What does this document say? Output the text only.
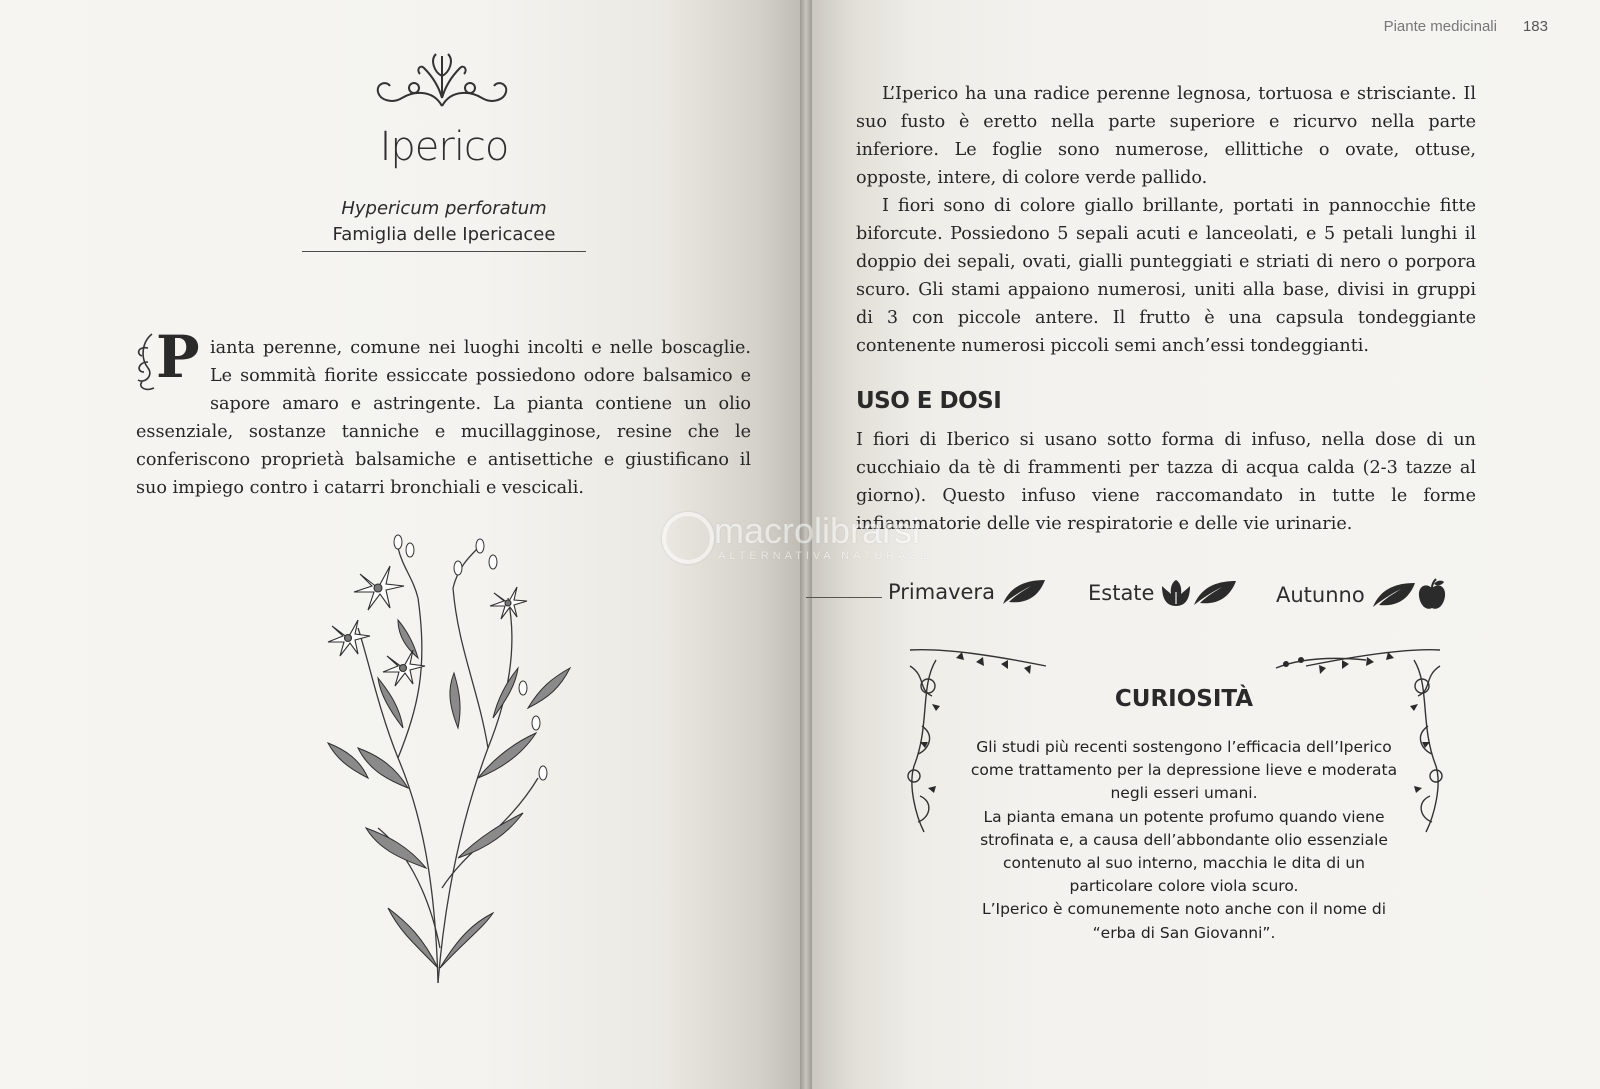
Iperico
Hypericum perforatum
Famiglia delle Ipericacee
P ianta perenne, comune nei luoghi incolti e nelle boscaglie. Le sommità fiorite essiccate possiedono odore balsamico e sapore amaro e astringente. La pianta contiene un olio essenziale, sostanze tanniche e mucillagginose, resine che le conferiscono proprietà balsamiche e antisettiche e giustificano il suo impiego contro i catarri bronchiali e vescicali.
Piante medicinali 183

L’Iperico ha una radice perenne legnosa, tortuosa e strisciante. Il suo fusto è eretto nella parte superiore e ricurvo nella parte inferiore. Le foglie sono numerose, ellittiche o ovate, ottuse, opposte, intere, di colore verde pallido.

I fiori sono di colore giallo brillante, portati in pannocchie fitte biforcute. Possiedono 5 sepali acuti e lanceolati, e 5 petali lunghi il doppio dei sepali, ovati, gialli punteggiati e striati di nero o porpora scuro. Gli stami appaiono numerosi, uniti alla base, divisi in gruppi di 3 con piccole antere. Il frutto è una capsula tondeggiante contenente numerosi piccoli semi anch’essi tondeggianti.

USO E DOSI
I fiori di Iberico si usano sotto forma di infuso, nella dose di un cucchiaio da tè di frammenti per tazza di acqua calda (2-3 tazze al giorno). Questo infuso viene raccomandato in tutte le forme infiammatorie delle vie respiratorie e delle vie urinarie.
Primavera	Estate	Autunno
CURIOSITÀ

Gli studi più recenti sostengono l’efficacia dell’Iperico come trattamento per la depressione lieve e moderata negli esseri umani.

La pianta emana un potente profumo quando viene strofinata e, a causa dell’abbondante olio essenziale contenuto al suo interno, macchia le dita di un particolare colore viola scuro.

L’Iperico è comunemente noto anche con il nome di “erba di San Giovanni”.

macrolibrarsi
ALTERNATIVA NATURALE
